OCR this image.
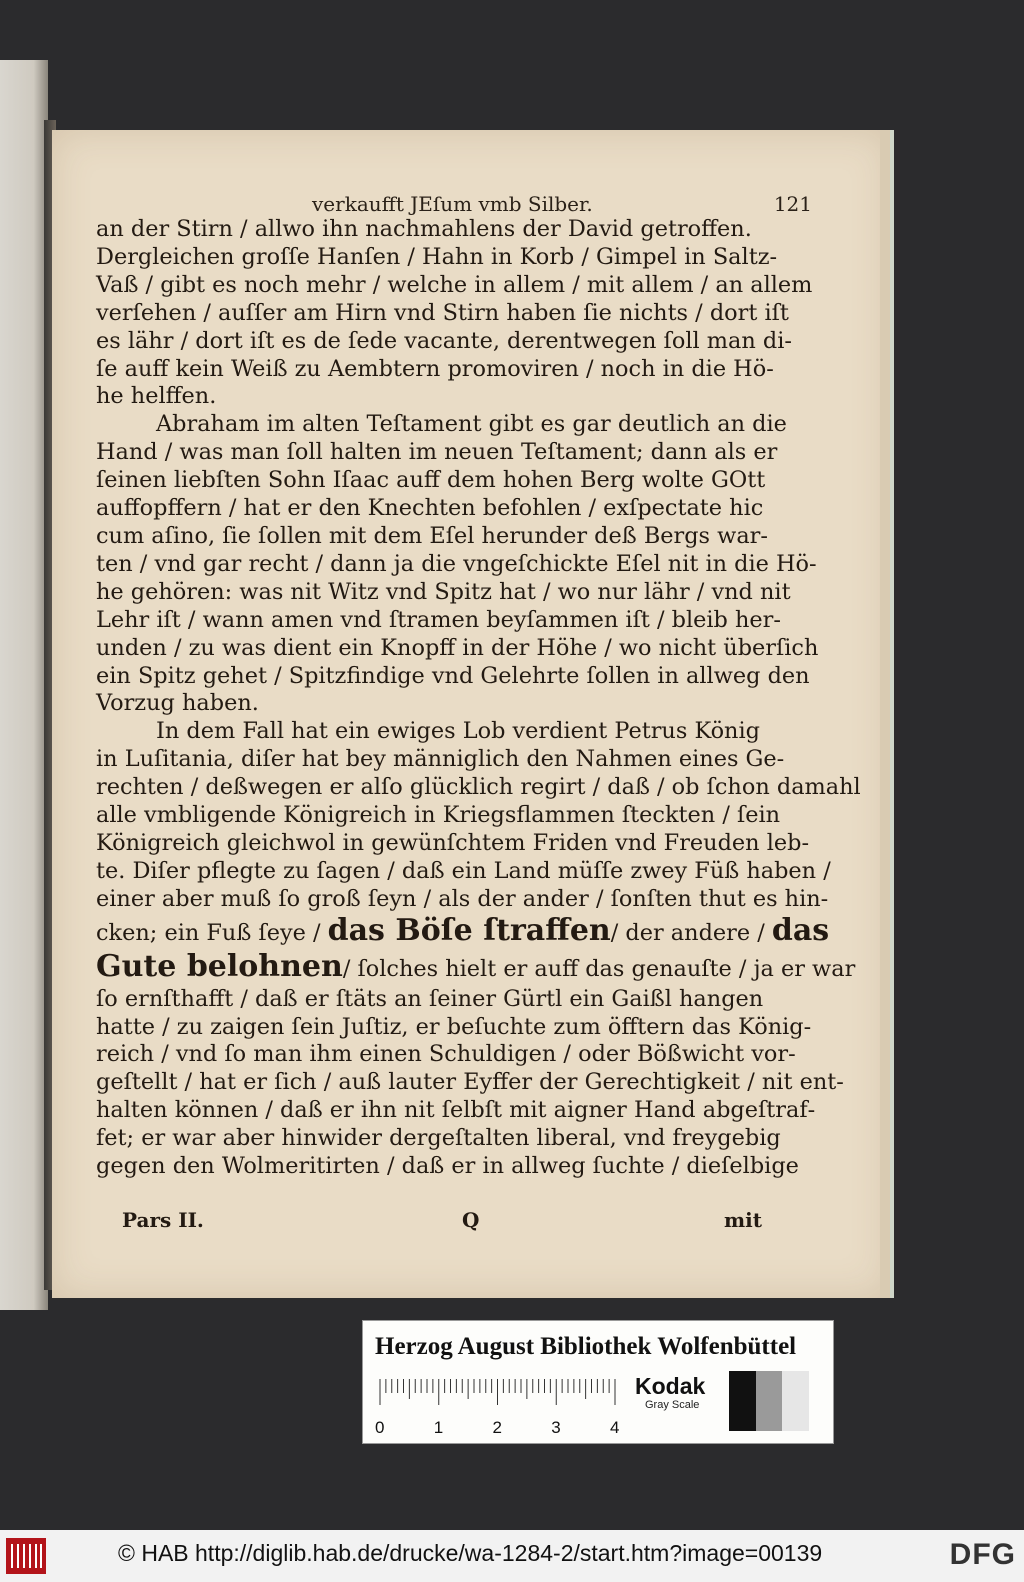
verkaufft JEſum vmb Silber.	121
an der Stirn / allwo ihn nachmahlens der David getroffen.
Dergleichen groſſe Hanſen / Hahn in Korb / Gimpel in Saltz‑
Vaß / gibt es noch mehr / welche in allem / mit allem / an allem
verſehen / auſſer am Hirn vnd Stirn haben ſie nichts / dort iſt
es lähr / dort iſt es de ſede vacante, derentwegen ſoll man di‑
ſe auff kein Weiß zu Aembtern promoviren / noch in die Hö‑
he helffen.
Abraham im alten Teſtament gibt es gar deutlich an die
Hand / was man ſoll halten im neuen Teſtament; dann als er
ſeinen liebſten Sohn Iſaac auff dem hohen Berg wolte GOtt
auffopffern / hat er den Knechten befohlen / exſpectate hic
cum aſino, ſie ſollen mit dem Eſel herunder deß Bergs war‑
ten / vnd gar recht / dann ja die vngeſchickte Eſel nit in die Hö‑
he gehören: was nit Witz vnd Spitz hat / wo nur lähr / vnd nit
Lehr iſt / wann amen vnd ſtramen beyſammen iſt / bleib her‑
unden / zu was dient ein Knopff in der Höhe / wo nicht überſich
ein Spitz gehet / Spitzfindige vnd Gelehrte ſollen in allweg den
Vorzug haben.
In dem Fall hat ein ewiges Lob verdient Petrus König
in Luſitania, diſer hat bey männiglich den Nahmen eines Ge‑
rechten / deßwegen er alſo glücklich regirt / daß / ob ſchon damahl
alle vmbligende Königreich in Kriegsflammen ſteckten / ſein
Königreich gleichwol in gewünſchtem Friden vnd Freuden leb‑
te. Diſer pflegte zu ſagen / daß ein Land müſſe zwey Füß haben /
einer aber muß ſo groß ſeyn / als der ander / ſonſten thut es hin‑
cken; ein Fuß ſeye / das Böſe ſtraffen/ der andere / das
Gute belohnen/ ſolches hielt er auff das genauſte / ja er war
ſo ernſthafft / daß er ſtäts an ſeiner Gürtl ein Gaißl hangen
hatte / zu zaigen ſein Juſtiz, er beſuchte zum öfftern das König‑
reich / vnd ſo man ihm einen Schuldigen / oder Bößwicht vor‑
geſtellt / hat er ſich / auß lauter Eyffer der Gerechtigkeit / nit ent‑
halten können / daß er ihn nit ſelbſt mit aigner Hand abgeſtraf‑
fet; er war aber hinwider dergeſtalten liberal, vnd freygebig
gegen den Wolmeritirten / daß er in allweg ſuchte / dieſelbige
Pars II.	Q	mit
Herzog August Bibliothek Wolfenbüttel
0	1	2	3	4
Kodak
Gray Scale
© HAB http://diglib.hab.de/drucke/wa-1284-2/start.htm?image=00139	DFG
